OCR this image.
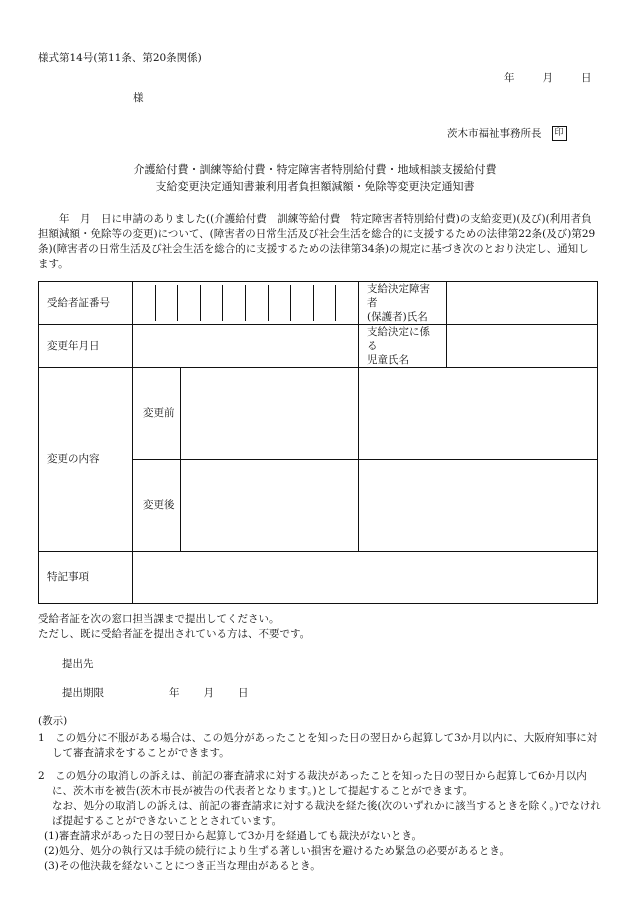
様式第14号(第11条、第20条関係)
年	月	日
様
茨木市福祉事務所長 印
介護給付費・訓練等給付費・特定障害者特別給付費・地域相談支援給付費
支給変更決定通知書兼利用者負担額減額・免除等変更決定通知書
　　年　月　日に申請のありました((介護給付費　訓練等給付費　特定障害者特別給付費)の支給変更)(及び)(利用者負担額減額・免除等の変更)について、(障害者の日常生活及び社会生活を総合的に支援するための法律第22条(及び)第29条)(障害者の日常生活及び社会生活を総合的に支援するための法律第34条)の規定に基づき次のとおり決定し、通知します。
受給者証番号		支給決定障害者
(保護者)氏名	

変更年月日		支給決定に係る
児童氏名	

変更の内容	変更前		

	変更後		

特記事項			
受給者証を次の窓口担当課まで提出してください。
ただし、既に受給者証を提出されている方は、不要です。
提出先
提出期限	年 月 日
(教示)
1　この処分に不服がある場合は、この処分があったことを知った日の翌日から起算して3か月以内に、大阪府知事に対して審査請求をすることができます。
2　この処分の取消しの訴えは、前記の審査請求に対する裁決があったことを知った日の翌日から起算して6か月以内に、茨木市を被告(茨木市長が被告の代表者となります。)として提起することができます。
なお、処分の取消しの訴えは、前記の審査請求に対する裁決を経た後(次のいずれかに該当するときを除く。)でなければ提起することができないこととされています。
(1)審査請求があった日の翌日から起算して3か月を経過しても裁決がないとき。
(2)処分、処分の執行又は手続の続行により生ずる著しい損害を避けるため緊急の必要があるとき。
(3)その他決裁を経ないことにつき正当な理由があるとき。
